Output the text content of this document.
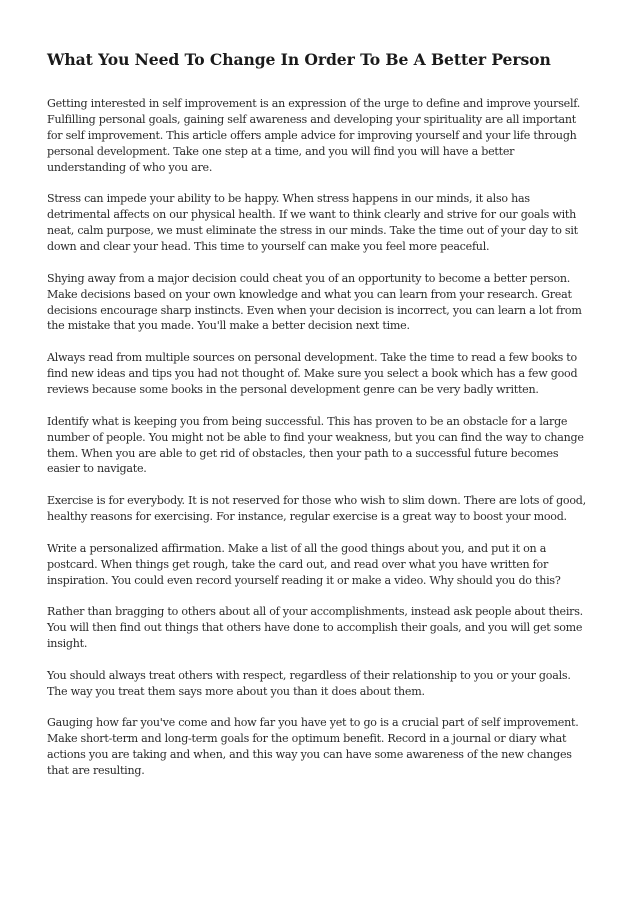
What You Need To Change In Order To Be A Better Person

Getting interested in self improvement is an expression of the urge to define and improve yourself. Fulfilling personal goals, gaining self awareness and developing your spirituality are all important for self improvement. This article offers ample advice for improving yourself and your life through personal development. Take one step at a time, and you will find you will have a better understanding of who you are.

Stress can impede your ability to be happy. When stress happens in our minds, it also has detrimental affects on our physical health. If we want to think clearly and strive for our goals with neat, calm purpose, we must eliminate the stress in our minds. Take the time out of your day to sit down and clear your head. This time to yourself can make you feel more peaceful.

Shying away from a major decision could cheat you of an opportunity to become a better person. Make decisions based on your own knowledge and what you can learn from your research. Great decisions encourage sharp instincts. Even when your decision is incorrect, you can learn a lot from the mistake that you made. You'll make a better decision next time.

Always read from multiple sources on personal development. Take the time to read a few books to find new ideas and tips you had not thought of. Make sure you select a book which has a few good reviews because some books in the personal development genre can be very badly written.

Identify what is keeping you from being successful. This has proven to be an obstacle for a large number of people. You might not be able to find your weakness, but you can find the way to change them. When you are able to get rid of obstacles, then your path to a successful future becomes easier to navigate.

Exercise is for everybody. It is not reserved for those who wish to slim down. There are lots of good, healthy reasons for exercising. For instance, regular exercise is a great way to boost your mood.

Write a personalized affirmation. Make a list of all the good things about you, and put it on a postcard. When things get rough, take the card out, and read over what you have written for inspiration. You could even record yourself reading it or make a video. Why should you do this?

Rather than bragging to others about all of your accomplishments, instead ask people about theirs. You will then find out things that others have done to accomplish their goals, and you will get some insight.

You should always treat others with respect, regardless of their relationship to you or your goals. The way you treat them says more about you than it does about them.

Gauging how far you've come and how far you have yet to go is a crucial part of self improvement. Make short-term and long-term goals for the optimum benefit. Record in a journal or diary what actions you are taking and when, and this way you can have some awareness of the new changes that are resulting.
